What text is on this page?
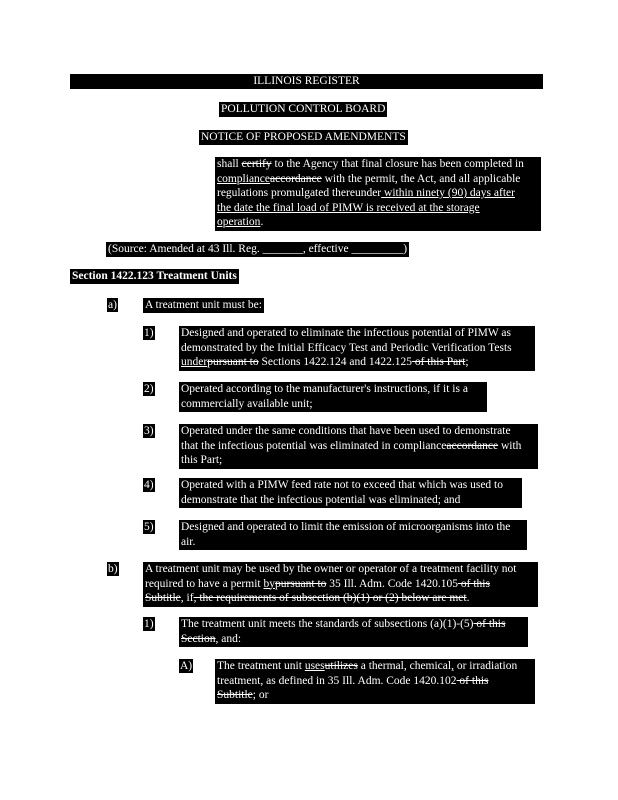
ILLINOIS REGISTER
POLLUTION CONTROL BOARD
NOTICE OF PROPOSED AMENDMENTS
shall certify to the Agency that final closure has been completed in
complianceaccordance with the permit, the Act, and all applicable
regulations promulgated thereunder within ninety (90) days after
the date the final load of PIMW is received at the storage
operation.
(Source: Amended at 43 Ill. Reg. _______, effective _________)
Section 1422.123 Treatment Units
a) A treatment unit must be:
1) Designed and operated to eliminate the infectious potential of PIMW as
demonstrated by the Initial Efficacy Test and Periodic Verification Tests
underpursuant to Sections 1422.124 and 1422.125 of this Part;
2) Operated according to the manufacturer's instructions, if it is a
commercially available unit;
3) Operated under the same conditions that have been used to demonstrate
that the infectious potential was eliminated in complianceaccordance with
this Part;
4) Operated with a PIMW feed rate not to exceed that which was used to
demonstrate that the infectious potential was eliminated; and
5) Designed and operated to limit the emission of microorganisms into the
air.
b) A treatment unit may be used by the owner or operator of a treatment facility not
required to have a permit bypursuant to 35 Ill. Adm. Code 1420.105 of this
Subtitle, if, the requirements of subsection (b)(1) or (2) below are met.
1) The treatment unit meets the standards of subsections (a)(1)-(5) of this
Section, and:
A) The treatment unit usesutilizes a thermal, chemical, or irradiation
treatment, as defined in 35 Ill. Adm. Code 1420.102 of this
Subtitle; or
